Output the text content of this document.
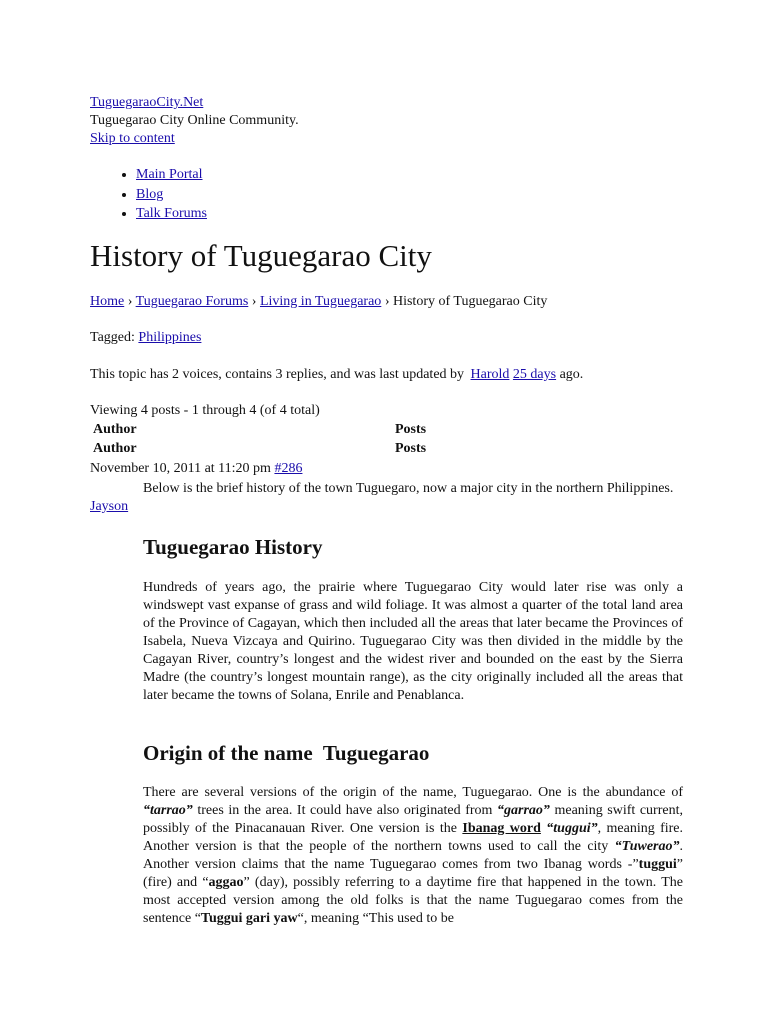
TuguegaraoCity.Net
Tuguegarao City Online Community.
Skip to content
• Main Portal
• Blog
• Talk Forums
History of Tuguegarao City
Home › Tuguegarao Forums › Living in Tuguegarao › History of Tuguegarao City
Tagged: Philippines
This topic has 2 voices, contains 3 replies, and was last updated by Harold 25 days ago.
Viewing 4 posts - 1 through 4 (of 4 total)
Author	Posts
Author	Posts
November 10, 2011 at 11:20 pm #286
Jayson
Below is the brief history of the town Tuguegaro, now a major city in the northern Philippines.
Tuguegarao History

Hundreds of years ago, the prairie where Tuguegarao City would later rise was only a windswept vast expanse of grass and wild foliage. It was almost a quarter of the total land area of the Province of Cagayan, which then included all the areas that later became the Provinces of Isabela, Nueva Vizcaya and Quirino. Tuguegarao City was then divided in the middle by the Cagayan River, country’s longest and the widest river and bounded on the east by the Sierra Madre (the country’s longest mountain range), as the city originally included all the areas that later became the towns of Solana, Enrile and Penablanca.

Origin of the name  Tuguegarao

There are several versions of the origin of the name, Tuguegarao. One is the abundance of “tarrao” trees in the area. It could have also originated from “garrao” meaning swift current, possibly of the Pinacanauan River. One version is the Ibanag word “tuggui”, meaning fire. Another version is that the people of the northern towns used to call the city “Tuwerao”. Another version claims that the name Tuguegarao comes from two Ibanag words -”tuggui” (fire) and “aggao” (day), possibly referring to a daytime fire that happened in the town. The most accepted version among the old folks is that the name Tuguegarao comes from the sentence “Tuggui gari yaw“, meaning “This used to be
